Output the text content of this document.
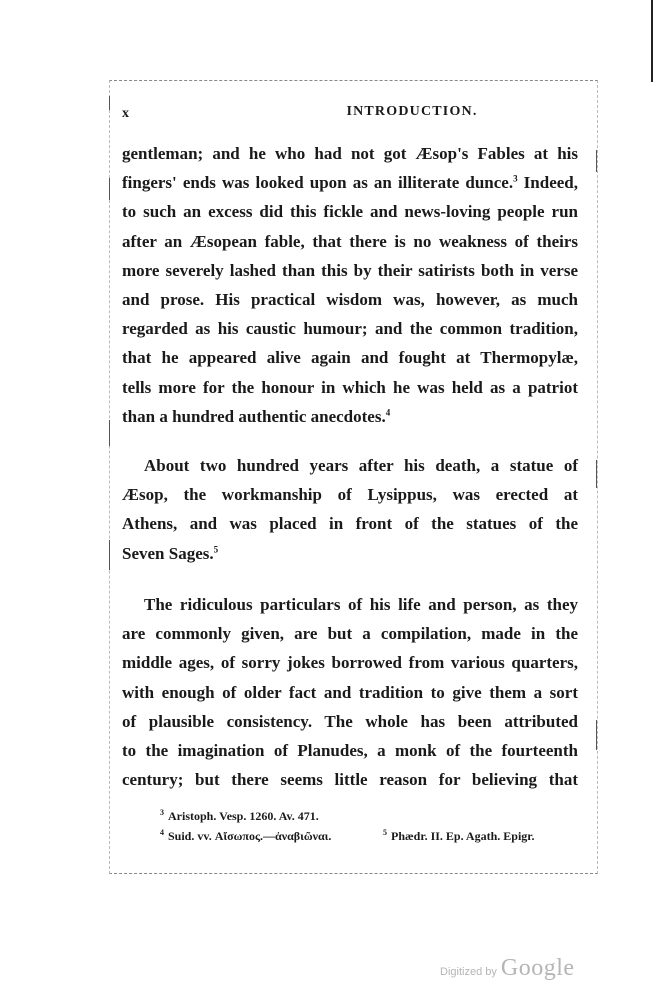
x	INTRODUCTION.
gentleman; and he who had not got Æsop's Fables at his
fingers' ends was looked upon as an illiterate dunce.$^3$ Indeed,
to such an excess did this fickle and news-loving people run
after an Æsopean fable, that there is no weakness of theirs
more severely lashed than this by their satirists both in verse
and prose. His practical wisdom was, however, as much
regarded as his caustic humour; and the common tradition,
that he appeared alive again and fought at Thermopylæ,
tells more for the honour in which he was held as a patriot
than a hundred authentic anecdotes.$^4$
About two hundred years after his death, a statue of
Æsop, the workmanship of Lysippus, was erected at
Athens, and was placed in front of the statues of the
Seven Sages.$^5$
The ridiculous particulars of his life and person, as they
are commonly given, are but a compilation, made in the
middle ages, of sorry jokes borrowed from various quarters,
with enough of older fact and tradition to give them a sort
of plausible consistency. The whole has been attributed
to the imagination of Planudes, a monk of the fourteenth
century; but there seems little reason for believing that
$^3$ Aristoph. Vesp. 1260. Av. 471.
$^4$ Suid. vv. Αἴσωπος.—ἀναβιῶναι.	$^5$ Phædr. II. Ep. Agath. Epigr.
Digitized by Google
